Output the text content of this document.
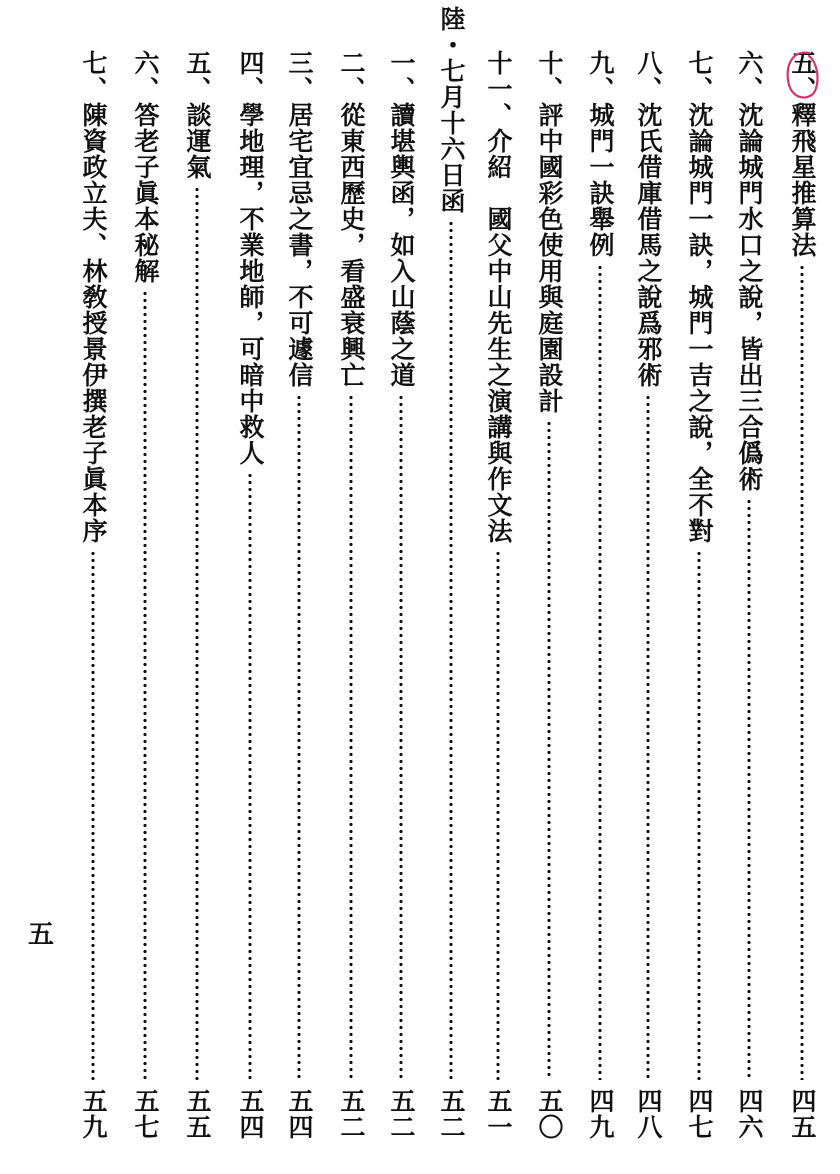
五、釋飛星推算法
四五
六、沈論城門水口之說，皆出三合僞術
四六
七、沈論城門一訣，城門一吉之說，全不對
四七
八、沈氏借庫借馬之說爲邪術
四八
九、城門一訣舉例
四九
十、評中國彩色使用與庭園設計
五〇
十一、介紹　國父中山先生之演講與作文法
五一
陸・七月十六日函
五二
一、讀堪輿函，如入山蔭之道
五二
二、從東西歷史，看盛衰興亡
五二
三、居宅宜忌之書，不可遽信
五四
四、學地理，不業地師，可暗中救人
五四
五、談運氣
五五
六、答老子眞本秘解
五七
七、陳資政立夫、林敎授景伊撰老子眞本序
五九
五
